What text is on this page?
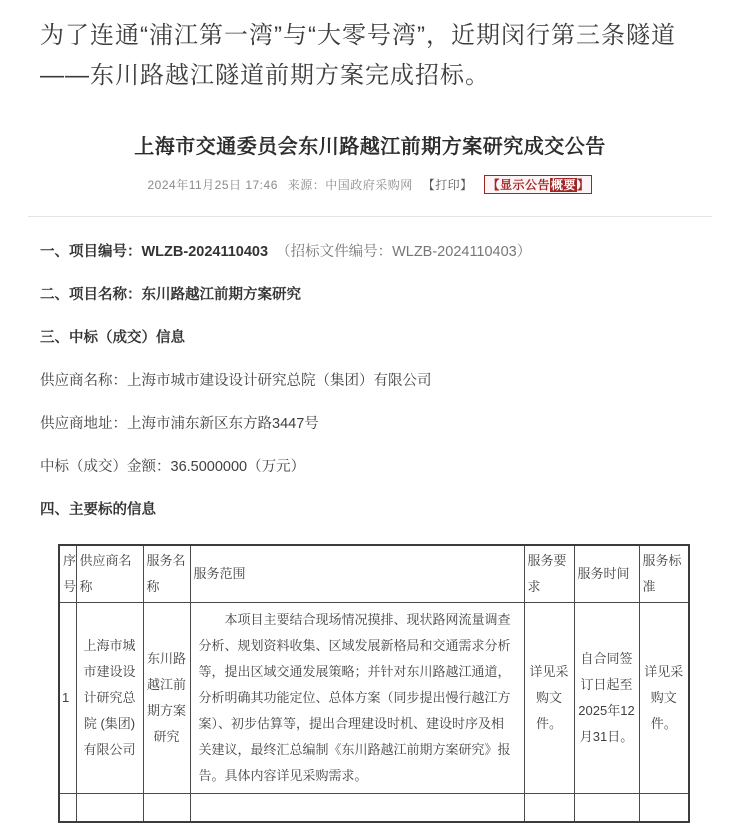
为了连通“浦江第一湾”与“大零号湾”，近期闵行第三条隧道——东川路越江隧道前期方案完成招标。

上海市交通委员会东川路越江前期方案研究成交公告
2024年11月25日 17:46 来源：中国政府采购网 【打印】 【显示公告概要】

一、项目编号：WLZB-2024110403 （招标文件编号：WLZB-2024110403）

二、项目名称：东川路越江前期方案研究

三、中标（成交）信息

供应商名称：上海市城市建设设计研究总院（集团）有限公司

供应商地址：上海市浦东新区东方路3447号

中标（成交）金额：36.5000000（万元）

四、主要标的信息

序号	供应商名称	服务名称	服务范围	服务要求	服务时间	服务标准
1	上海市城市建设设计研究总院 (集团) 有限公司	东川路越江前期方案研究	本项目主要结合现场情况摸排、现状路网流量调查分析、规划资料收集、区域发展新格局和交通需求分析等，提出区域交通发展策略；并针对东川路越江通道，分析明确其功能定位、总体方案（同步提出慢行越江方案）、初步估算等，提出合理建设时机、建设时序及相关建议，最终汇总编制《东川路越江前期方案研究》报告。具体内容详见采购需求。	详见采购文件。	自合同签订日起至2025年12月31日。	详见采购文件。
